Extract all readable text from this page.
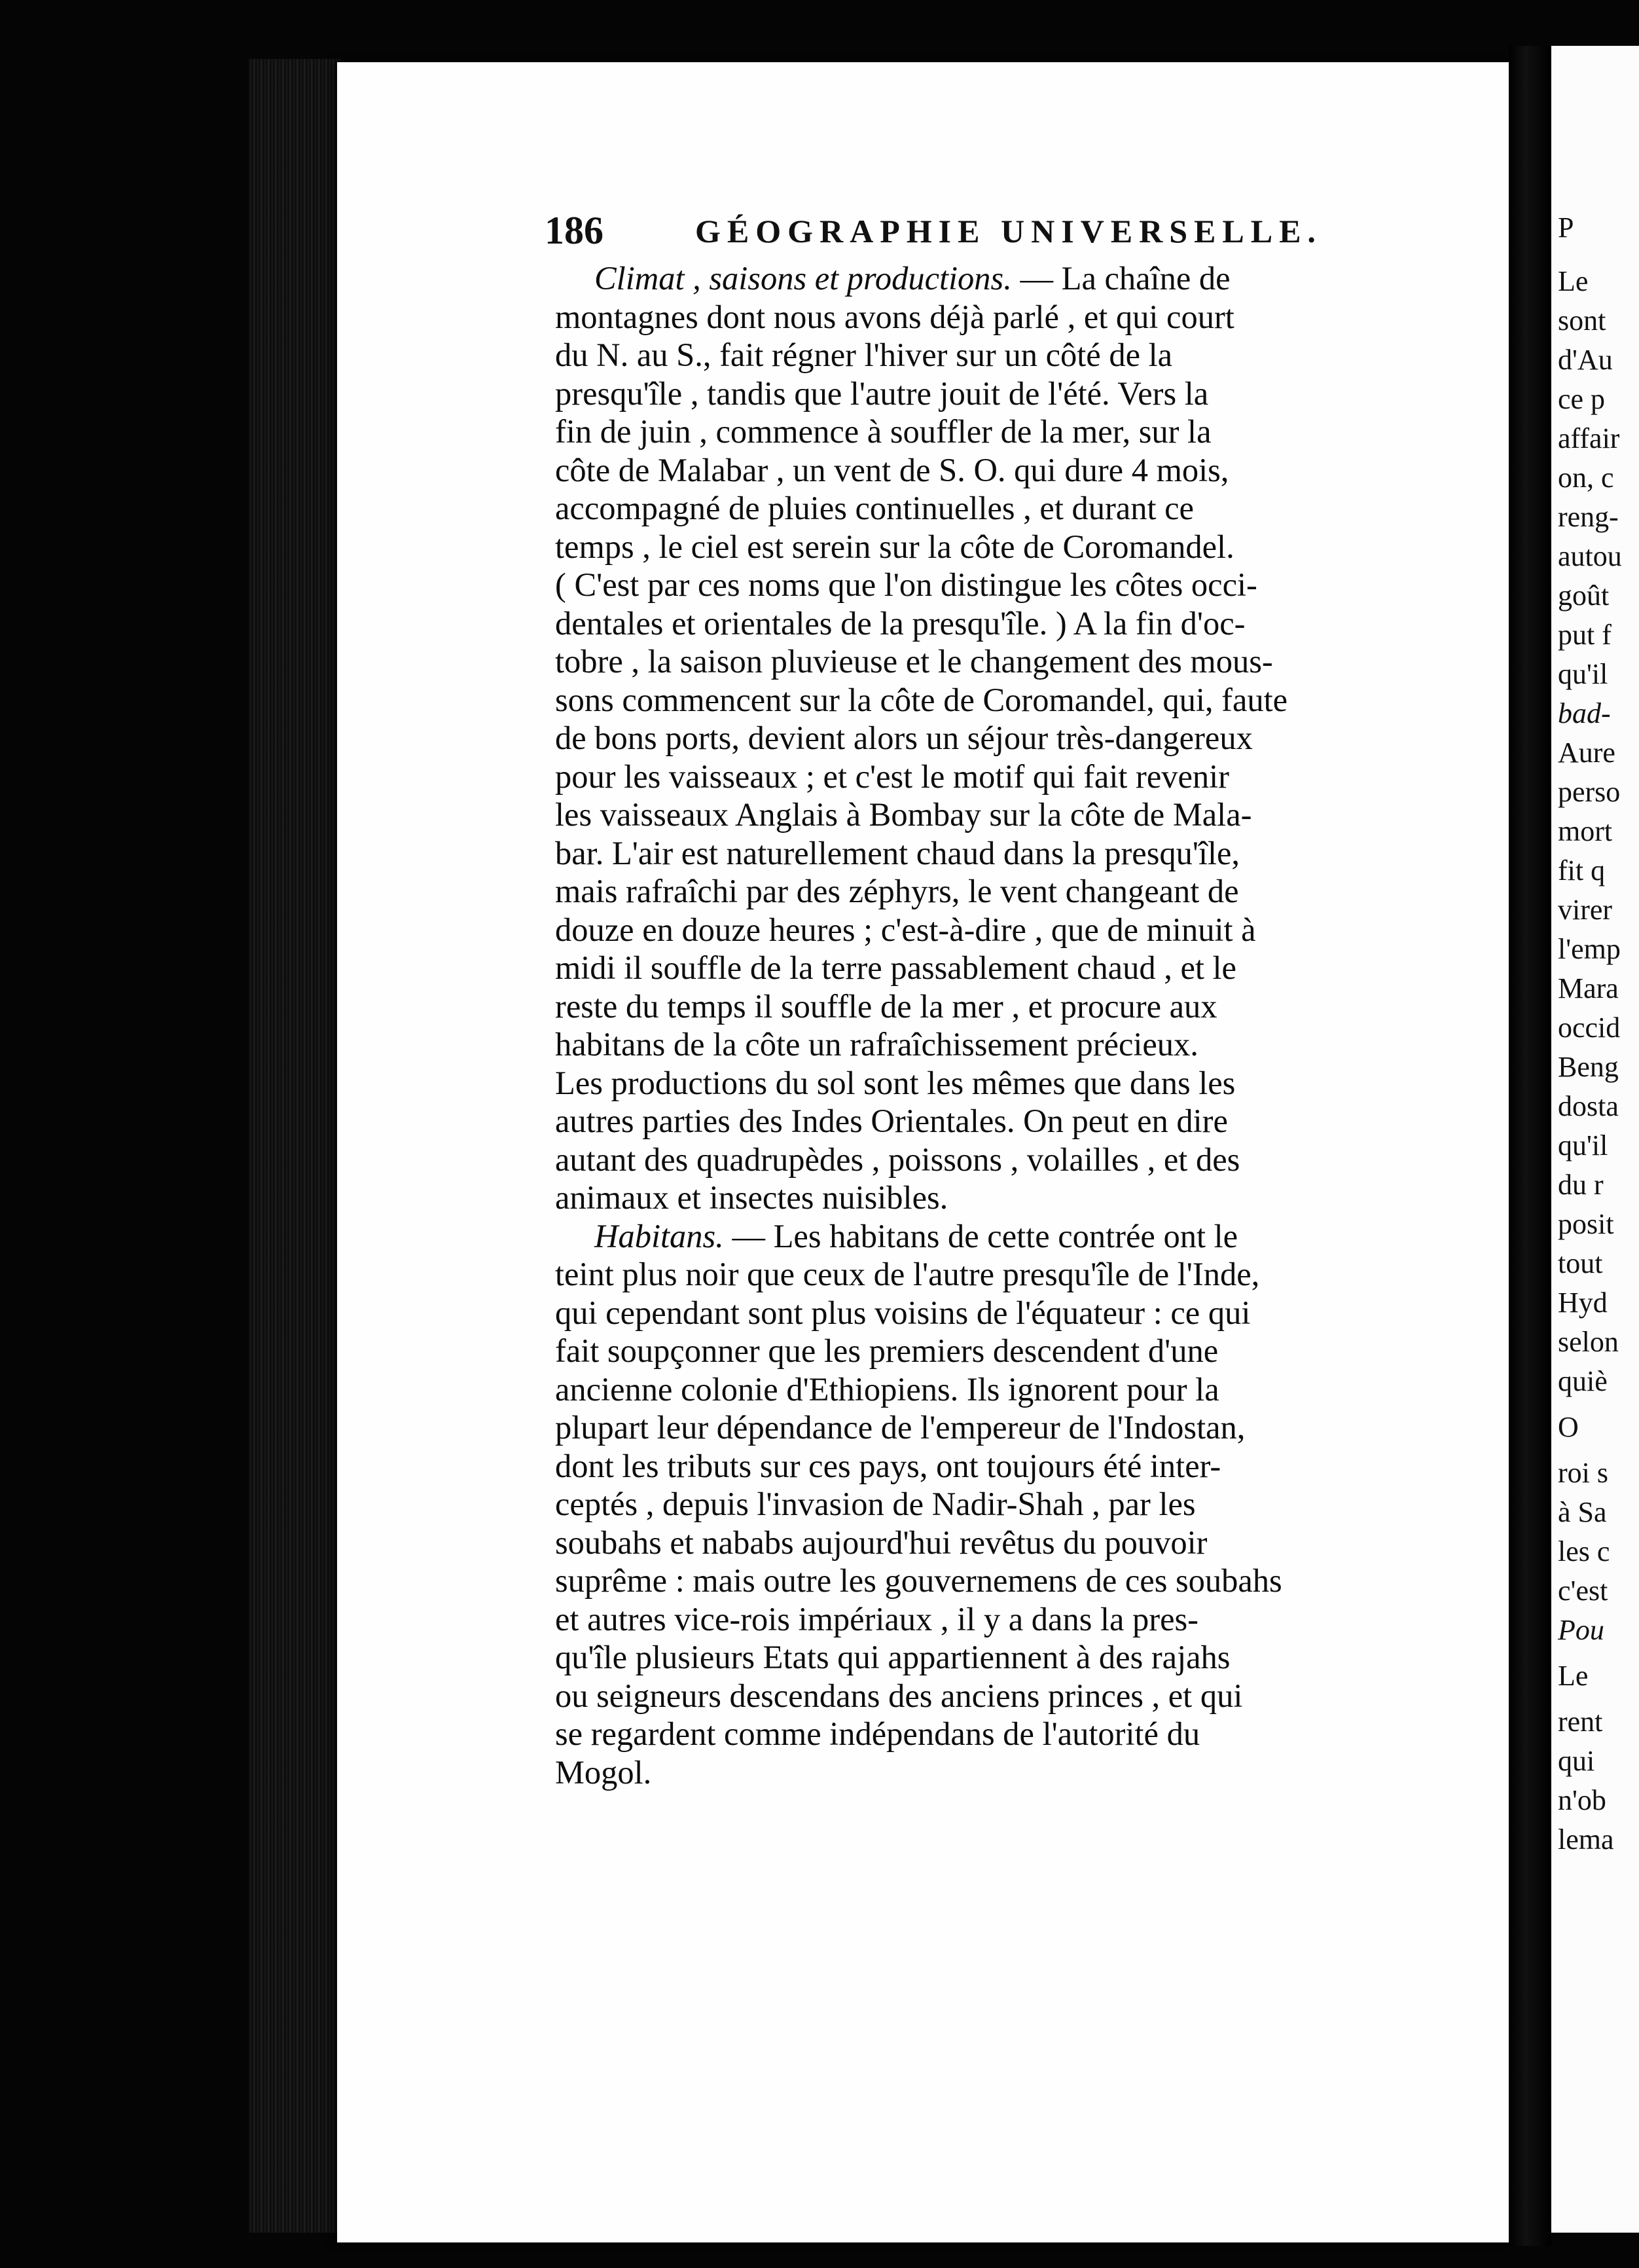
186	GÉOGRAPHIE UNIVERSELLE.
Climat , saisons et productions. — La chaîne de
montagnes dont nous avons déjà parlé , et qui court
du N. au S., fait régner l'hiver sur un côté de la
presqu'île , tandis que l'autre jouit de l'été. Vers la
fin de juin , commence à souffler de la mer, sur la
côte de Malabar , un vent de S. O. qui dure 4 mois,
accompagné de pluies continuelles , et durant ce
temps , le ciel est serein sur la côte de Coromandel.
( C'est par ces noms que l'on distingue les côtes occi-
dentales et orientales de la presqu'île. ) A la fin d'oc-
tobre , la saison pluvieuse et le changement des mous-
sons commencent sur la côte de Coromandel, qui, faute
de bons ports, devient alors un séjour très-dangereux
pour les vaisseaux ; et c'est le motif qui fait revenir
les vaisseaux Anglais à Bombay sur la côte de Mala-
bar. L'air est naturellement chaud dans la presqu'île,
mais rafraîchi par des zéphyrs, le vent changeant de
douze en douze heures ; c'est-à-dire , que de minuit à
midi il souffle de la terre passablement chaud , et le
reste du temps il souffle de la mer , et procure aux
habitans de la côte un rafraîchissement précieux.
Les productions du sol sont les mêmes que dans les
autres parties des Indes Orientales. On peut en dire
autant des quadrupèdes , poissons , volailles , et des
animaux et insectes nuisibles.
Habitans. — Les habitans de cette contrée ont le
teint plus noir que ceux de l'autre presqu'île de l'Inde,
qui cependant sont plus voisins de l'équateur : ce qui
fait soupçonner que les premiers descendent d'une
ancienne colonie d'Ethiopiens. Ils ignorent pour la
plupart leur dépendance de l'empereur de l'Indostan,
dont les tributs sur ces pays, ont toujours été inter-
ceptés , depuis l'invasion de Nadir-Shah , par les
soubahs et nababs aujourd'hui revêtus du pouvoir
suprême : mais outre les gouvernemens de ces soubahs
et autres vice-rois impériaux , il y a dans la pres-
qu'île plusieurs Etats qui appartiennent à des rajahs
ou seigneurs descendans des anciens princes , et qui
se regardent comme indépendans de l'autorité du
Mogol.
P
Le
sont
d'Au
ce p
affair
on, c
reng-
autou
goût
put f
qu'il
bad-
Aure
perso
mort
fit q
virer
l'emp
Mara
occid
Beng
dosta
qu'il
du r
posit
tout
Hyd
selon
quiè
O
roi s
à Sa
les c
c'est
Pou
Le
rent
qui
n'ob
lema
